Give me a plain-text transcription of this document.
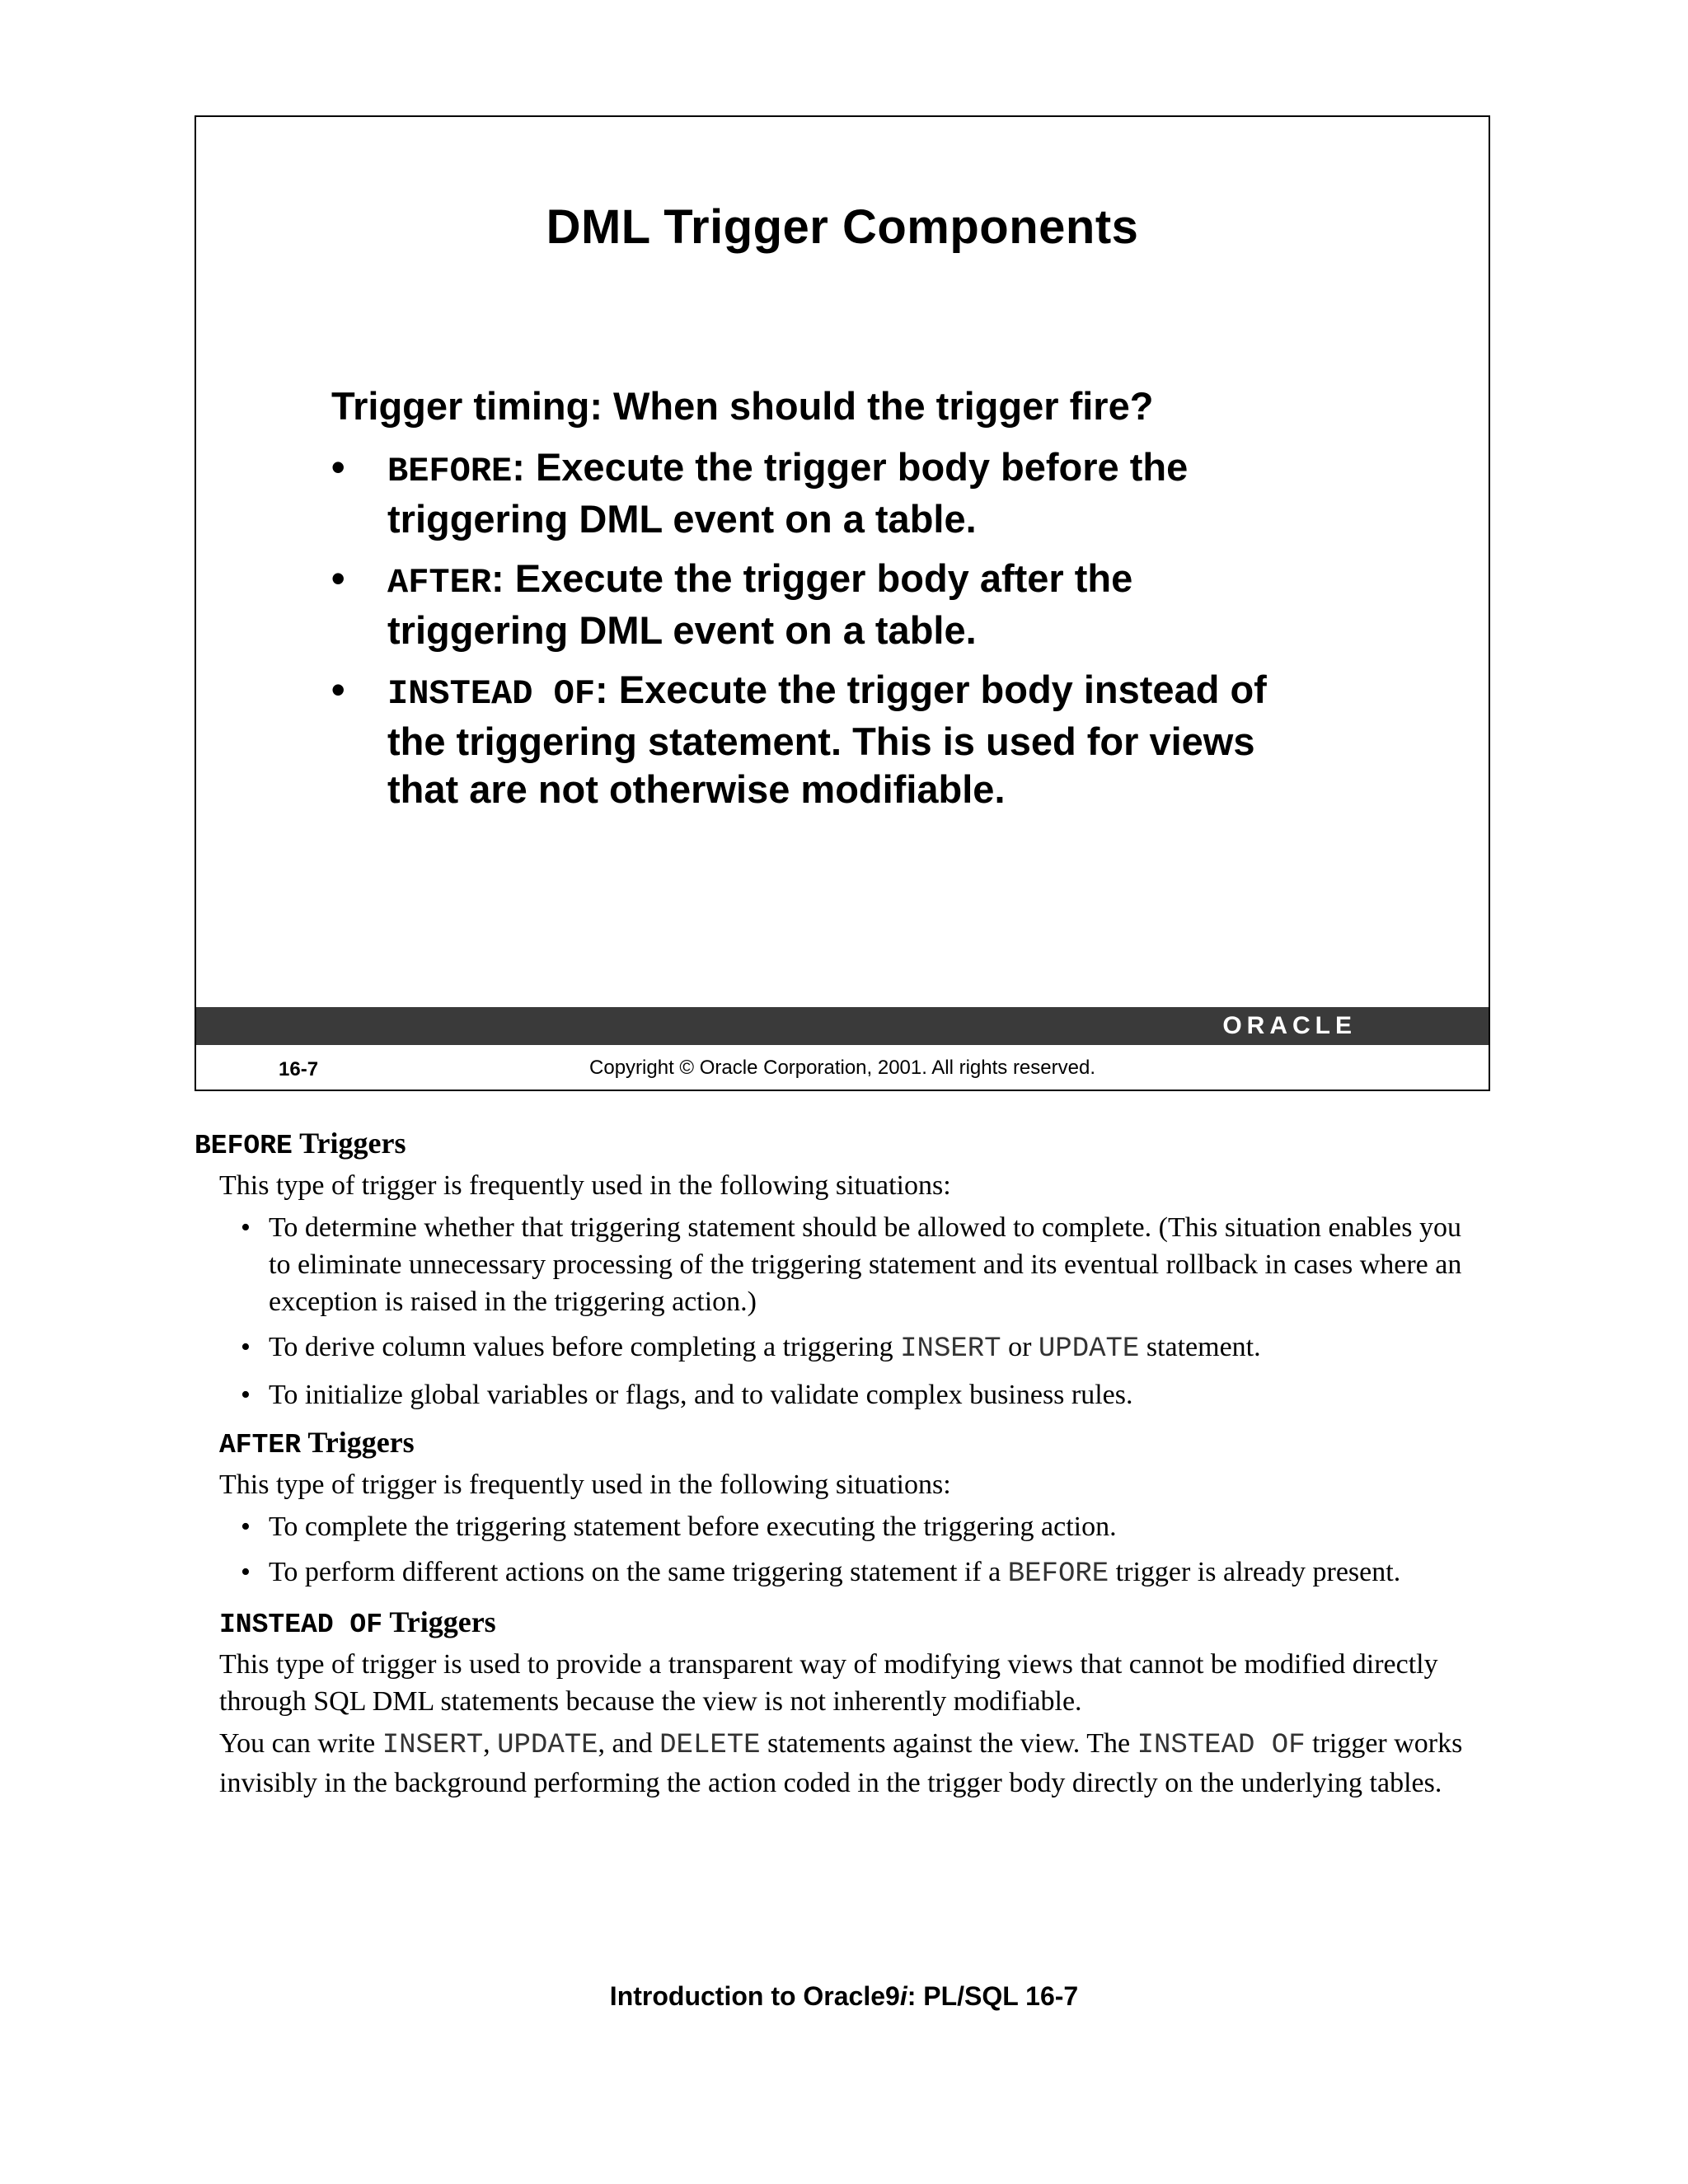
DML Trigger Components
Trigger timing: When should the trigger fire?
• BEFORE: Execute the trigger body before the triggering DML event on a table.
• AFTER: Execute the trigger body after the triggering DML event on a table.
• INSTEAD OF: Execute the trigger body instead of the triggering statement. This is used for views that are not otherwise modifiable.
ORACLE
16-7	Copyright © Oracle Corporation, 2001. All rights reserved.

BEFORE Triggers

This type of trigger is frequently used in the following situations:

• To determine whether that triggering statement should be allowed to complete. (This situation enables you to eliminate unnecessary processing of the triggering statement and its eventual rollback in cases where an exception is raised in the triggering action.)
• To derive column values before completing a triggering INSERT or UPDATE statement.
• To initialize global variables or flags, and to validate complex business rules.

AFTER Triggers

This type of trigger is frequently used in the following situations:

• To complete the triggering statement before executing the triggering action.
• To perform different actions on the same triggering statement if a BEFORE trigger is already present.

INSTEAD OF Triggers

This type of trigger is used to provide a transparent way of modifying views that cannot be modified directly through SQL DML statements because the view is not inherently modifiable.

You can write INSERT, UPDATE, and DELETE statements against the view. The INSTEAD OF trigger works invisibly in the background performing the action coded in the trigger body directly on the underlying tables.

Introduction to Oracle9i: PL/SQL 16-7
